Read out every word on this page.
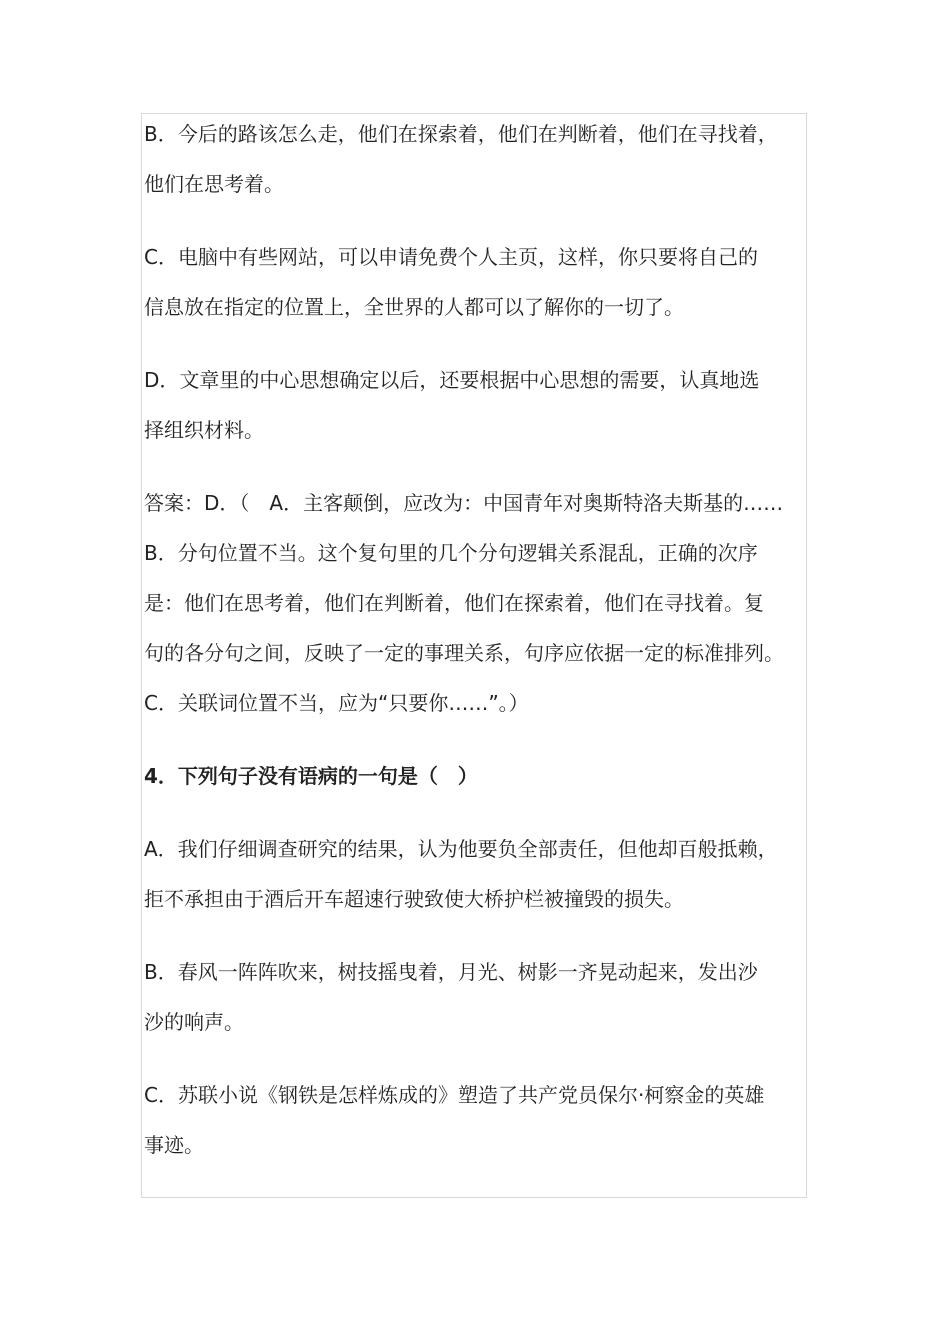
B．今后的路该怎么走，他们在探索着，他们在判断着，他们在寻找着，
他们在思考着。
C．电脑中有些网站，可以申请免费个人主页，这样，你只要将自己的
信息放在指定的位置上，全世界的人都可以了解你的一切了。
D．文章里的中心思想确定以后，还要根据中心思想的需要，认真地选
择组织材料。
答案：D．（　A．主客颠倒，应改为：中国青年对奥斯特洛夫斯基的……
B．分句位置不当。这个复句里的几个分句逻辑关系混乱，正确的次序
是：他们在思考着，他们在判断着，他们在探索着，他们在寻找着。复
句的各分句之间，反映了一定的事理关系，句序应依据一定的标准排列。
C．关联词位置不当，应为“只要你……”。）
4．下列句子没有语病的一句是（　）
A．我们仔细调查研究的结果，认为他要负全部责任，但他却百般抵赖，
拒不承担由于酒后开车超速行驶致使大桥护栏被撞毁的损失。
B．春风一阵阵吹来，树技摇曳着，月光、树影一齐晃动起来，发出沙
沙的响声。
C．苏联小说《钢铁是怎样炼成的》塑造了共产党员保尔·柯察金的英雄
事迹。
